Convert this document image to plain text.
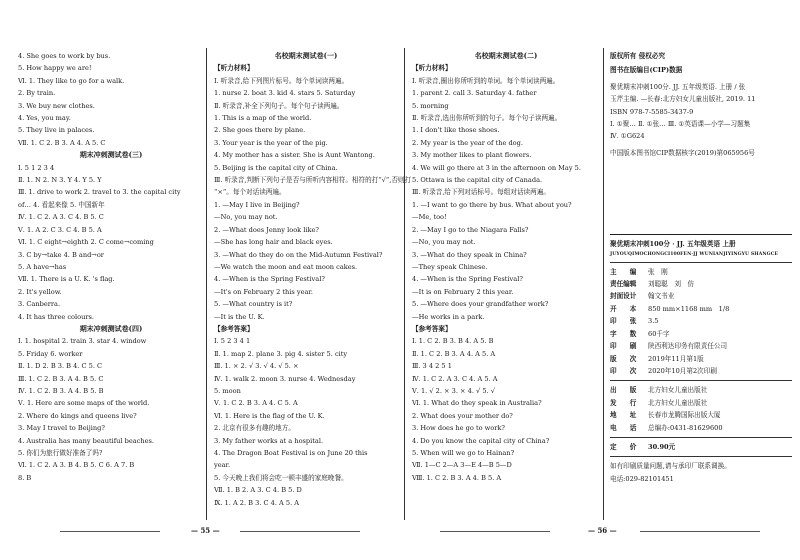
4. She goes to work by bus.

5. How happy we are!

Ⅵ. 1. They like to go for a walk.

2. By train.

3. We buy new clothes.

4. Yes, you may.

5. They live in palaces.

Ⅶ. 1. C 2. B 3. A 4. A 5. C

期末冲刺测试卷(三)

Ⅰ. 5 1 2 3 4

Ⅱ. 1. N 2. N 3. Y 4. Y 5. Y

Ⅲ. 1. drive to work 2. travel to 3. the capital city

of… 4. 看起来像 5. 中国新年

Ⅳ. 1. C 2. A 3. C 4. B 5. C

Ⅴ. 1. A 2. C 3. C 4. B 5. A

Ⅵ. 1. C eight→eighth 2. C come→coming

3. C by→take 4. B and→or

5. A have→has

Ⅶ. 1. There is a U. K. 's flag.

2. It's yellow.

3. Canberra.

4. It has three colours.

期末冲刺测试卷(四)

Ⅰ. 1. hospital 2. train 3. star 4. window

5. Friday 6. worker

Ⅱ. 1. D 2. B 3. B 4. C 5. C

Ⅲ. 1. C 2. B 3. A 4. B 5. C

Ⅳ. 1. C 2. B 3. A 4. B 5. B

Ⅴ. 1. Here are some maps of the world.

2. Where do kings and queens live?

3. May I travel to Beijing?

4. Australia has many beautiful beaches.

5. 你们为旅行做好准备了吗?

Ⅵ. 1. C 2. A 3. B 4. B 5. C 6. A 7. B

8. B

名校期末测试卷(一)

【听力材料】

Ⅰ. 听录音,给下列图片标号。每个单词读两遍。

1. nurse 2. boat 3. kid 4. stars 5. Saturday

Ⅱ. 听录音,补全下列句子。每个句子读两遍。

1. This is a map of the world.

2. She goes there by plane.

3. Your year is the year of the pig.

4. My mother has a sister. She is Aunt Wantong.

5. Beijing is the capital city of China.

Ⅲ. 听录音,判断下列句子是否与所听内容相符。相符的打“√”,否则打

“×”。每个对话读两遍。

1. —May I live in Beijing?

—No, you may not.

2. —What does Jenny look like?

—She has long hair and black eyes.

3. —What do they do on the Mid-Autumn Festival?

—We watch the moon and eat moon cakes.

4. —When is the Spring Festival?

—It's on February 2 this year.

5. —What country is it?

—It is the U. K.

【参考答案】

Ⅰ. 5 2 3 4 1

Ⅱ. 1. map 2. plane 3. pig 4. sister 5. city

Ⅲ. 1. × 2. √ 3. √ 4. √ 5. ×

Ⅳ. 1. walk 2. moon 3. nurse 4. Wednesday

5. moon

Ⅴ. 1. C 2. B 3. A 4. C 5. A

Ⅵ. 1. Here is the flag of the U. K.

2. 北京有很多有趣的地方。

3. My father works at a hospital.

4. The Dragon Boat Festival is on June 20 this

year.

5. 今天晚上我们将会吃一顿丰盛的家庭晚餐。

Ⅶ. 1. B 2. A 3. C 4. B 5. D

Ⅸ. 1. A 2. B 3. C 4. A 5. A

名校期末测试卷(二)

【听力材料】

Ⅰ. 听录音,圈出你所听到的单词。每个单词读两遍。

1. parent 2. call 3. Saturday 4. father

5. morning

Ⅱ. 听录音,选出你所听到的句子。每个句子读两遍。

1. I don't like those shoes.

2. My year is the year of the dog.

3. My mother likes to plant flowers.

4. We will go there at 3 in the afternoon on May 5.

5. Ottawa is the capital city of Canada.

Ⅲ. 听录音,给下列对话标号。每组对话读两遍。

1. —I want to go there by bus. What about you?

—Me, too!

2. —May I go to the Niagara Falls?

—No, you may not.

3. —What do they speak in China?

—They speak Chinese.

4. —When is the Spring Festival?

—It is on February 2 this year.

5. —Where does your grandfather work?

—He works in a park.

【参考答案】

Ⅰ. 1. C 2. B 3. B 4. A 5. B

Ⅱ. 1. C 2. B 3. A 4. A 5. A

Ⅲ. 3 4 2 5 1

Ⅳ. 1. C 2. A 3. C 4. A 5. A

Ⅴ. 1. √ 2. × 3. × 4. √ 5. √

Ⅵ. 1. What do they speak in Australia?

2. What does your mother do?

3. How does he go to work?

4. Do you know the capital city of China?

5. When will we go to Hainan?

Ⅶ. 1—C 2—A 3—E 4—B 5—D

Ⅷ. 1. C 2. B 3. A 4. B 5. A

版权所有 侵权必究

图书在版编目(CIP)数据

聚优期末冲刺100分. JJ. 五年级英语. 上册 / 张

玉芹主编. —长春:北方妇女儿童出版社, 2019. 11

ISBN 978-7-5585-3437-9

Ⅰ. ①聚… Ⅱ. ①张… Ⅲ. ①英语课—小学—习题集

Ⅳ. ①G624

中国版本图书馆CIP数据核字(2019)第065956号

聚优期末冲刺100分 · JJ. 五年级英语 上册

JUYOUQIMOCHONGCI100FEN·JJ WUNIANJIYINGYU SHANGCE

主　　编	张　刚
责任编辑	刘聪聪　刘　仿
封面设计	翰文书业
开　　本	850 mm×1168 mm　1/8
印　　张	3.5
字　　数	60千字
印　　刷	陕西利达印务有限责任公司
版　　次	2019年11月第1版
印　　次	2020年10月第2次印刷
出　　版	北方妇女儿童出版社
发　　行	北方妇女儿童出版社
地　　址	长春市龙腾国际出版大厦
电　　话	总编办:0431-81629600
定　　价	30.90元

如有印刷质量问题,请与承印厂联系调换。

电话:029-82101451

— 55 —	— 56 —
